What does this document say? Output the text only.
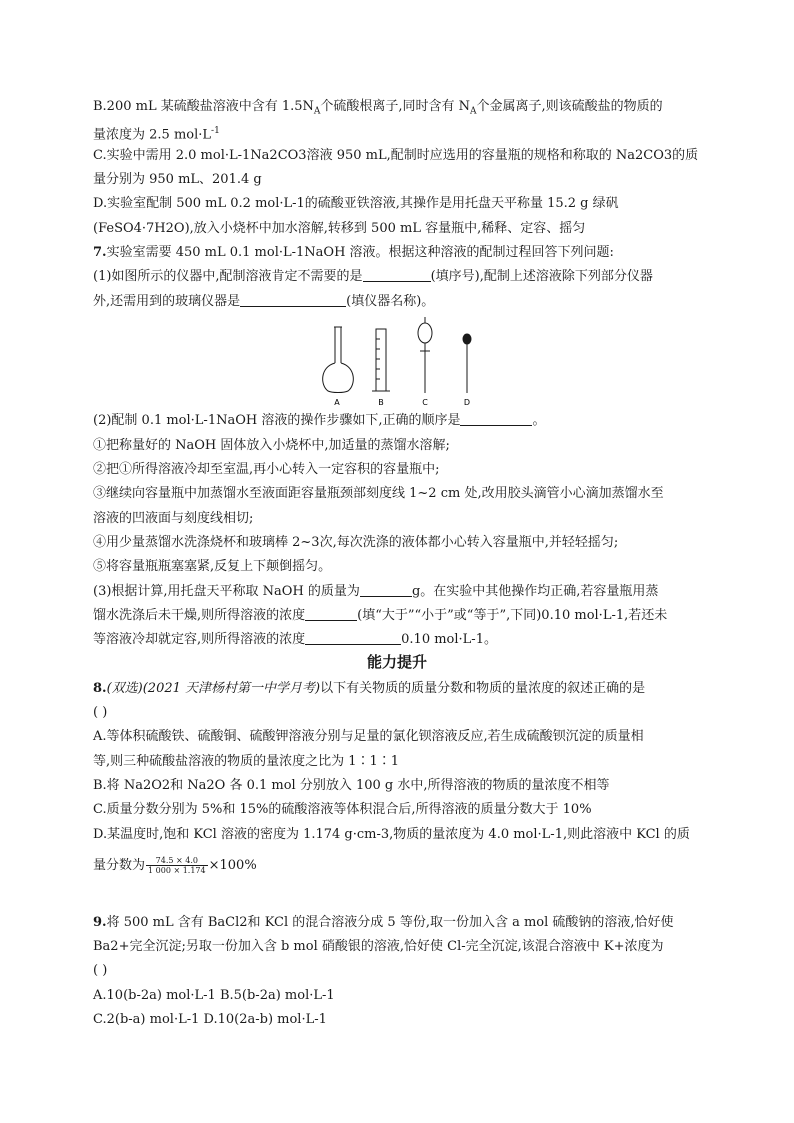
B.200 mL 某硫酸盐溶液中含有 $1.5N_A$个硫酸根离子,同时含有 $N_A$个金属离子,则该硫酸盐的物质的
量浓度为 2.5 $mol\cdot L^{-1}$
C.实验中需用 2.0 mol·L-1Na2CO3溶液 950 mL,配制时应选用的容量瓶的规格和称取的 Na2CO3的质
量分别为 950 mL、201.4 g
D.实验室配制 500 mL 0.2 mol·L-1的硫酸亚铁溶液,其操作是用托盘天平称量 15.2 g 绿矾
(FeSO4·7H2O),放入小烧杯中加水溶解,转移到 500 mL 容量瓶中,稀释、定容、摇匀
7.实验室需要 450 mL 0.1 mol·L-1NaOH 溶液。根据这种溶液的配制过程回答下列问题:
(1)如图所示的仪器中,配制溶液肯定不需要的是	(填序号),配制上述溶液除下列部分仪器
外,还需用到的玻璃仪器是	(填仪器名称)。
A	B	C	D
(2)配制 0.1 mol·L-1NaOH 溶液的操作步骤如下,正确的顺序是	。
①把称量好的 NaOH 固体放入小烧杯中,加适量的蒸馏水溶解;
②把①所得溶液冷却至室温,再小心转入一定容积的容量瓶中;
③继续向容量瓶中加蒸馏水至液面距容量瓶颈部刻度线 1~2 cm 处,改用胶头滴管小心滴加蒸馏水至
溶液的凹液面与刻度线相切;
④用少量蒸馏水洗涤烧杯和玻璃棒 2~3次,每次洗涤的液体都小心转入容量瓶中,并轻轻摇匀;
⑤将容量瓶瓶塞塞紧,反复上下颠倒摇匀。
(3)根据计算,用托盘天平称取 NaOH 的质量为	g。在实验中其他操作均正确,若容量瓶用蒸
馏水洗涤后未干燥,则所得溶液的浓度	(填“大于”“小于”或“等于”,下同)0.10 mol·L-1,若还未
等溶液冷却就定容,则所得溶液的浓度	0.10 mol·L-1。
能力提升
8.(双选)(2021 天津杨村第一中学月考)以下有关物质的质量分数和物质的量浓度的叙述正确的是
( )
A.等体积硫酸铁、硫酸铜、硫酸钾溶液分别与足量的氯化钡溶液反应,若生成硫酸钡沉淀的质量相
等,则三种硫酸盐溶液的物质的量浓度之比为 1∶1∶1
B.将 Na2O2和 Na2O 各 0.1 mol 分别放入 100 g 水中,所得溶液的物质的量浓度不相等
C.质量分数分别为 5%和 15%的硫酸溶液等体积混合后,所得溶液的质量分数大于 10%
D.某温度时,饱和 KCl 溶液的密度为 1.174 g·cm-3,物质的量浓度为 4.0 mol·L-1,则此溶液中 KCl 的质
量分数为 $\frac{74.5 \times 4.0}{1 000 \times 1.174} \times 100\%$
9.将 500 mL 含有 BaCl2和 KCl 的混合溶液分成 5 等份,取一份加入含 a mol 硫酸钠的溶液,恰好使
Ba2+完全沉淀;另取一份加入含 b mol 硝酸银的溶液,恰好使 Cl-完全沉淀,该混合溶液中 K+浓度为
( )
A.10(b-2a) mol·L-1 B.5(b-2a) mol·L-1
C.2(b-a) mol·L-1 D.10(2a-b) mol·L-1
